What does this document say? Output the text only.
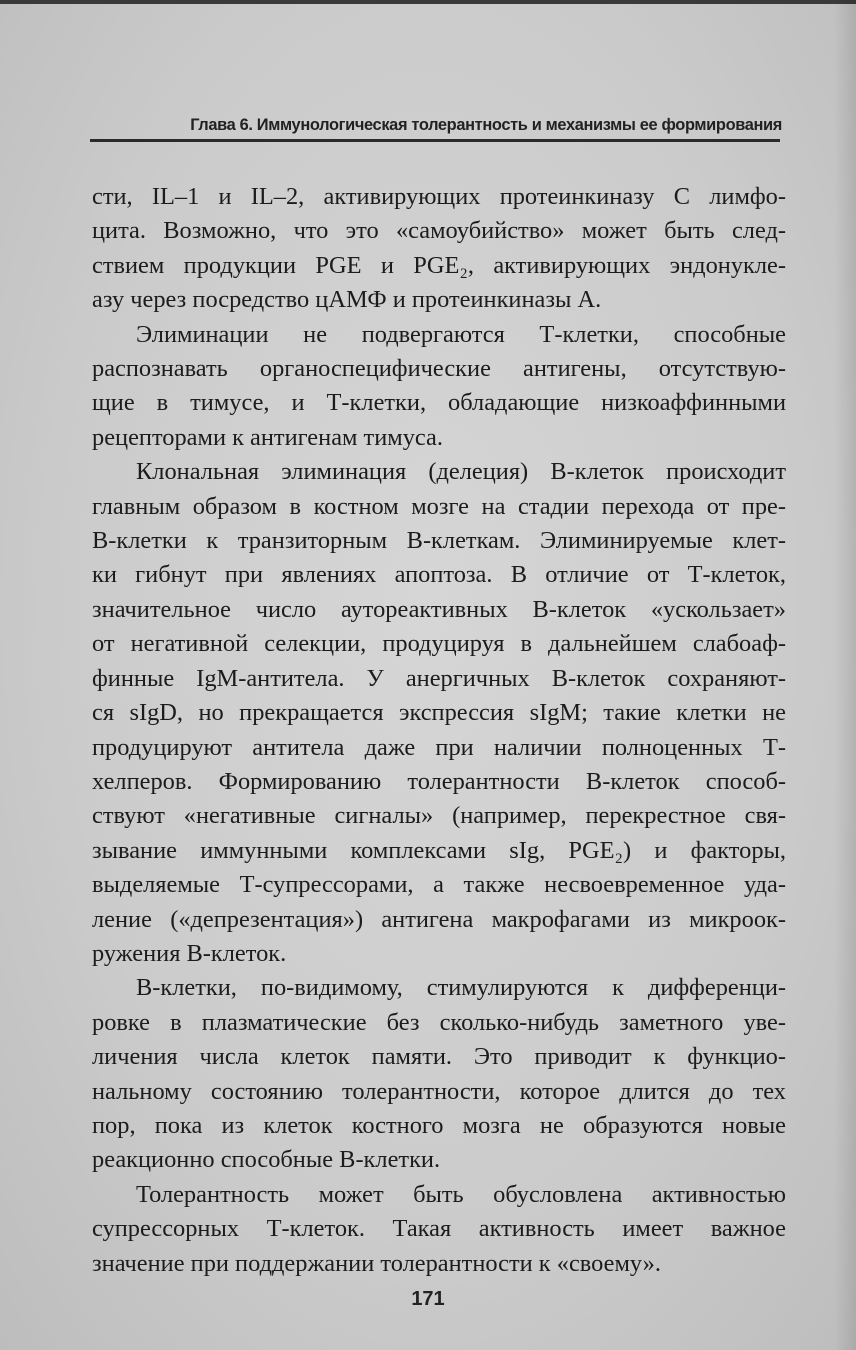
Глава 6. Иммунологическая толерантность и механизмы ее формирования
сти, IL–1 и IL–2, активирующих протеинкиназу С лимфо-
цита. Возможно, что это «самоубийство» может быть след-
ствием продукции PGE и PGE₂, активирующих эндонукле-
азу через посредство цАМФ и протеинкиназы А.
Элиминации не подвергаются Т-клетки, способные
распознавать органоспецифические антигены, отсутствую-
щие в тимусе, и Т-клетки, обладающие низкоаффинными
рецепторами к антигенам тимуса.
Клональная элиминация (делеция) В-клеток происходит
главным образом в костном мозге на стадии перехода от пре-
В-клетки к транзиторным В-клеткам. Элиминируемые клет-
ки гибнут при явлениях апоптоза. В отличие от Т-клеток,
значительное число аутореактивных В-клеток «ускользает»
от негативной селекции, продуцируя в дальнейшем слабоаф-
финные IgM-антитела. У анергичных В-клеток сохраняют-
ся sIgD, но прекращается экспрессия sIgM; такие клетки не
продуцируют антитела даже при наличии полноценных Т-
хелперов. Формированию толерантности В-клеток способ-
ствуют «негативные сигналы» (например, перекрестное свя-
зывание иммунными комплексами sIg, PGE₂) и факторы,
выделяемые Т-супрессорами, а также несвоевременное уда-
ление («депрезентация») антигена макрофагами из микроок-
ружения В-клеток.
В-клетки, по-видимому, стимулируются к дифференци-
ровке в плазматические без сколько-нибудь заметного уве-
личения числа клеток памяти. Это приводит к функцио-
нальному состоянию толерантности, которое длится до тех
пор, пока из клеток костного мозга не образуются новые
реакционно способные В-клетки.
Толерантность может быть обусловлена активностью
супрессорных Т-клеток. Такая активность имеет важное
значение при поддержании толерантности к «своему».
171
